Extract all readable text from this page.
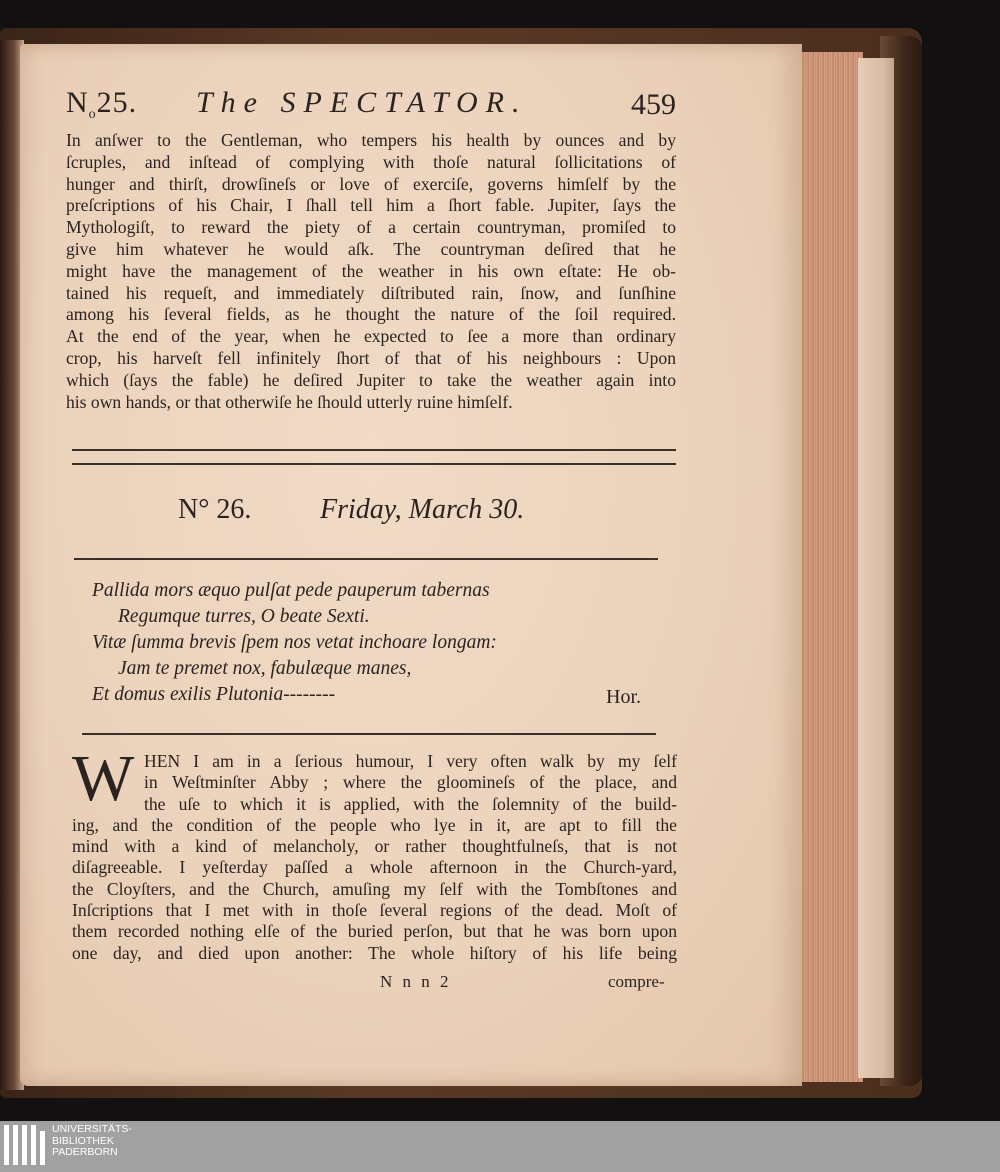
$N_o25$. The SPECTATOR.	459
In anſwer to the Gentleman, who tempers his health by ounces and by
ſcruples, and inſtead of complying with thoſe natural ſollicitations of
hunger and thirſt, drowſineſs or love of exerciſe, governs himſelf by the
preſcriptions of his Chair, I ſhall tell him a ſhort fable. Jupiter, ſays the
Mythologiſt, to reward the piety of a certain countryman, promiſed to
give him whatever he would aſk. The countryman deſired that he
might have the management of the weather in his own eſtate: He ob-
tained his requeſt, and immediately diſtributed rain, ſnow, and ſunſhine
among his ſeveral fields, as he thought the nature of the ſoil required.
At the end of the year, when he expected to ſee a more than ordinary
crop, his harveſt fell infinitely ſhort of that of his neighbours : Upon
which (ſays the fable) he deſired Jupiter to take the weather again into
his own hands, or that otherwiſe he ſhould utterly ruine himſelf.
N° 26. Friday, March 30.
Pallida mors æquo pulſat pede pauperum tabernas
Regumque turres, O beate Sexti.
Vitæ ſumma brevis ſpem nos vetat inchoare longam:
Jam te premet nox, fabulæque manes,
Et domus exilis Plutonia--------	Hor.
W HEN I am in a ſerious humour, I very often walk by my ſelf
in Weſtminſter Abby ; where the gloomineſs of the place, and
the uſe to which it is applied, with the ſolemnity of the build-
ing, and the condition of the people who lye in it, are apt to fill the
mind with a kind of melancholy, or rather thoughtfulneſs, that is not
diſagreeable. I yeſterday paſſed a whole afternoon in the Church-yard,
the Cloyſters, and the Church, amuſing my ſelf with the Tombſtones and
Inſcriptions that I met with in thoſe ſeveral regions of the dead. Moſt of
them recorded nothing elſe of the buried perſon, but that he was born upon
one day, and died upon another: The whole hiſtory of his life being
N n n 2	compre-
UNIVERSITÄTS-
BIBLIOTHEK
PADERBORN
